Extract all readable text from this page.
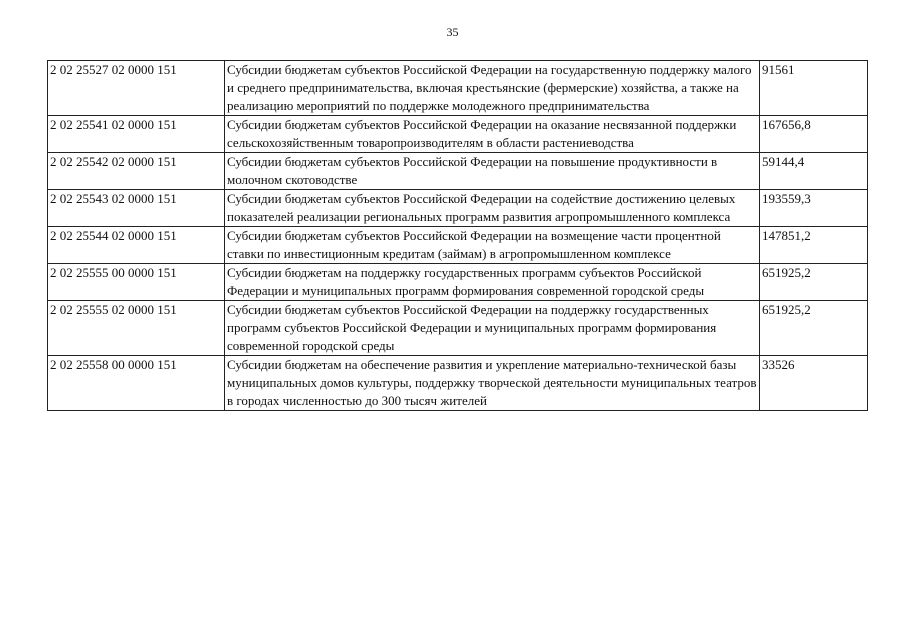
35
2 02 25527 02 0000 151	Субсидии бюджетам субъектов Российской Федерации на государственную поддержку малого и среднего предпринимательства, включая крестьянские (фермерские) хозяйства, а также на реализацию мероприятий по поддержке молодежного предпринимательства	91561
2 02 25541 02 0000 151	Субсидии бюджетам субъектов Российской Федерации на оказание несвязанной поддержки сельскохозяйственным товаропроизводителям в области растениеводства	167656,8
2 02 25542 02 0000 151	Субсидии бюджетам субъектов Российской Федерации на повышение продуктивности в молочном скотоводстве	59144,4
2 02 25543 02 0000 151	Субсидии бюджетам субъектов Российской Федерации на содействие достижению целевых показателей реализации региональных программ развития агропромышленного комплекса	193559,3
2 02 25544 02 0000 151	Субсидии бюджетам субъектов Российской Федерации на возмещение части процентной ставки по инвестиционным кредитам (займам) в агропромышленном комплексе	147851,2
2 02 25555 00 0000 151	Субсидии бюджетам на поддержку государственных программ субъектов Российской Федерации и муниципальных программ формирования современной городской среды	651925,2
2 02 25555 02 0000 151	Субсидии бюджетам субъектов Российской Федерации на поддержку государственных программ субъектов Российской Федерации и муниципальных программ формирования современной городской среды	651925,2
2 02 25558 00 0000 151	Субсидии бюджетам на обеспечение развития и укрепление материально-технической базы муниципальных домов культуры, поддержку творческой деятельности муниципальных театров в городах численностью до 300 тысяч жителей	33526
